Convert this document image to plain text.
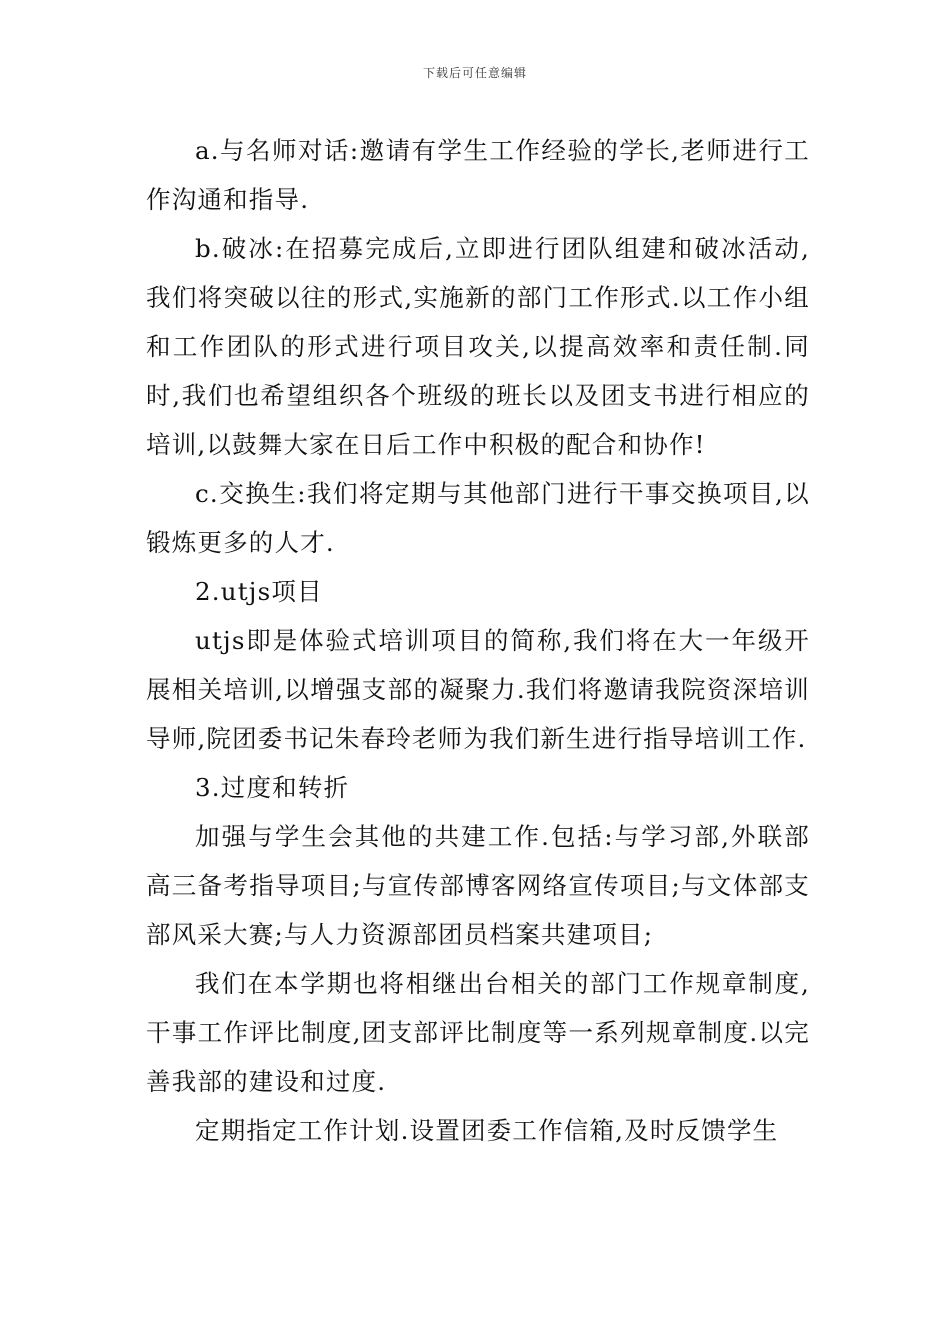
下载后可任意编辑

a.与名师对话:邀请有学生工作经验的学长,老师进行工作沟通和指导.

b.破冰:在招募完成后,立即进行团队组建和破冰活动,我们将突破以往的形式,实施新的部门工作形式.以工作小组和工作团队的形式进行项目攻关,以提高效率和责任制.同时,我们也希望组织各个班级的班长以及团支书进行相应的培训,以鼓舞大家在日后工作中积极的配合和协作!

c.交换生:我们将定期与其他部门进行干事交换项目,以锻炼更多的人才.

2.utjs项目

utjs即是体验式培训项目的简称,我们将在大一年级开展相关培训,以增强支部的凝聚力.我们将邀请我院资深培训导师,院团委书记朱春玲老师为我们新生进行指导培训工作.

3.过度和转折

加强与学生会其他的共建工作.包括:与学习部,外联部高三备考指导项目;与宣传部博客网络宣传项目;与文体部支部风采大赛;与人力资源部团员档案共建项目;

我们在本学期也将相继出台相关的部门工作规章制度,干事工作评比制度,团支部评比制度等一系列规章制度.以完善我部的建设和过度.

定期指定工作计划.设置团委工作信箱,及时反馈学生
